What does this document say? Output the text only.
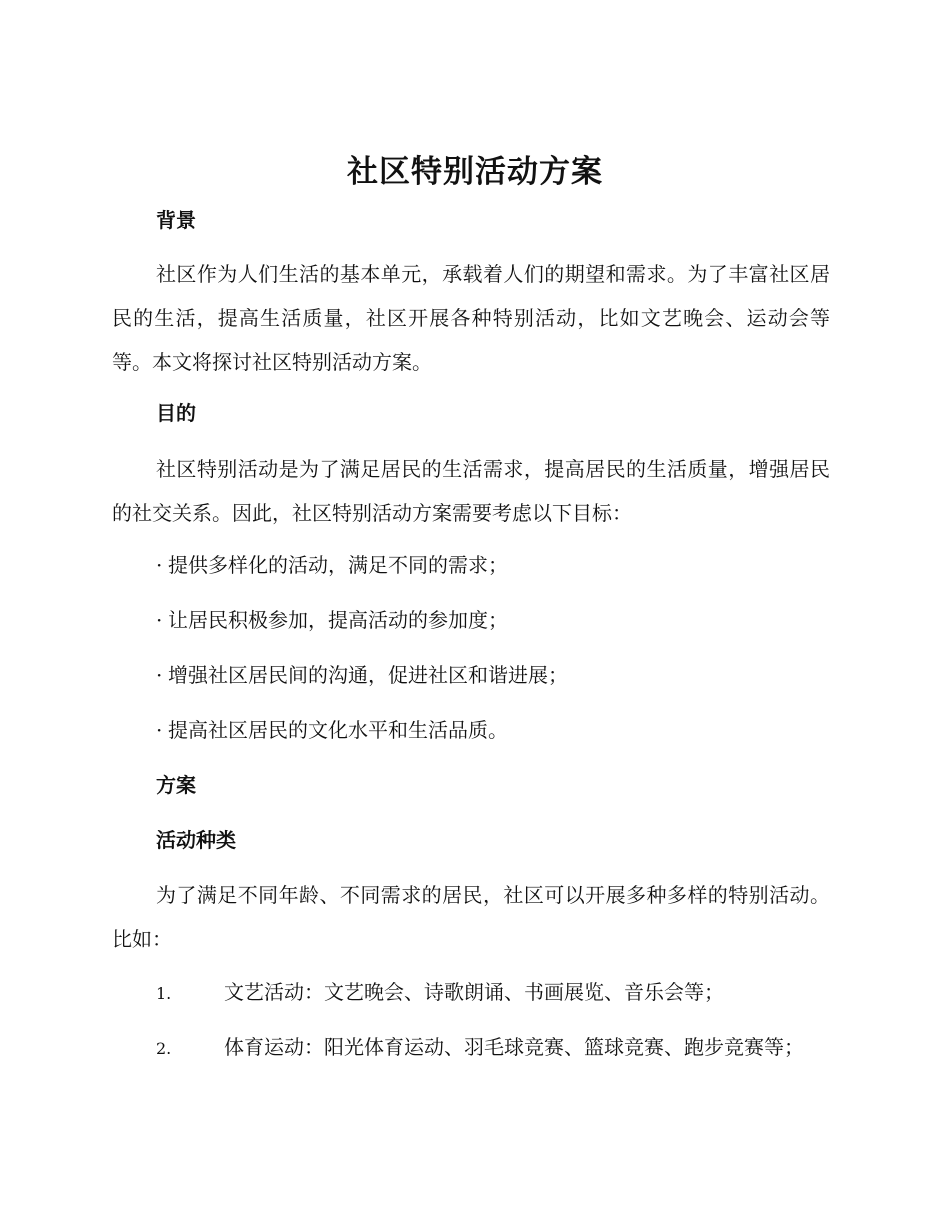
社区特别活动方案
背景

社区作为人们生活的基本单元，承载着人们的期望和需求。为了丰富社区居民的生活，提高生活质量，社区开展各种特别活动，比如文艺晚会、运动会等等。本文将探讨社区特别活动方案。

目的

社区特别活动是为了满足居民的生活需求，提高居民的生活质量，增强居民的社交关系。因此，社区特别活动方案需要考虑以下目标：

· 提供多样化的活动，满足不同的需求；

· 让居民积极参加，提高活动的参加度；

· 增强社区居民间的沟通，促进社区和谐进展；

· 提高社区居民的文化水平和生活品质。

方案
活动种类

为了满足不同年龄、不同需求的居民，社区可以开展多种多样的特别活动。比如：

1.	文艺活动：文艺晚会、诗歌朗诵、书画展览、音乐会等；

2.	体育运动：阳光体育运动、羽毛球竞赛、篮球竞赛、跑步竞赛等；
